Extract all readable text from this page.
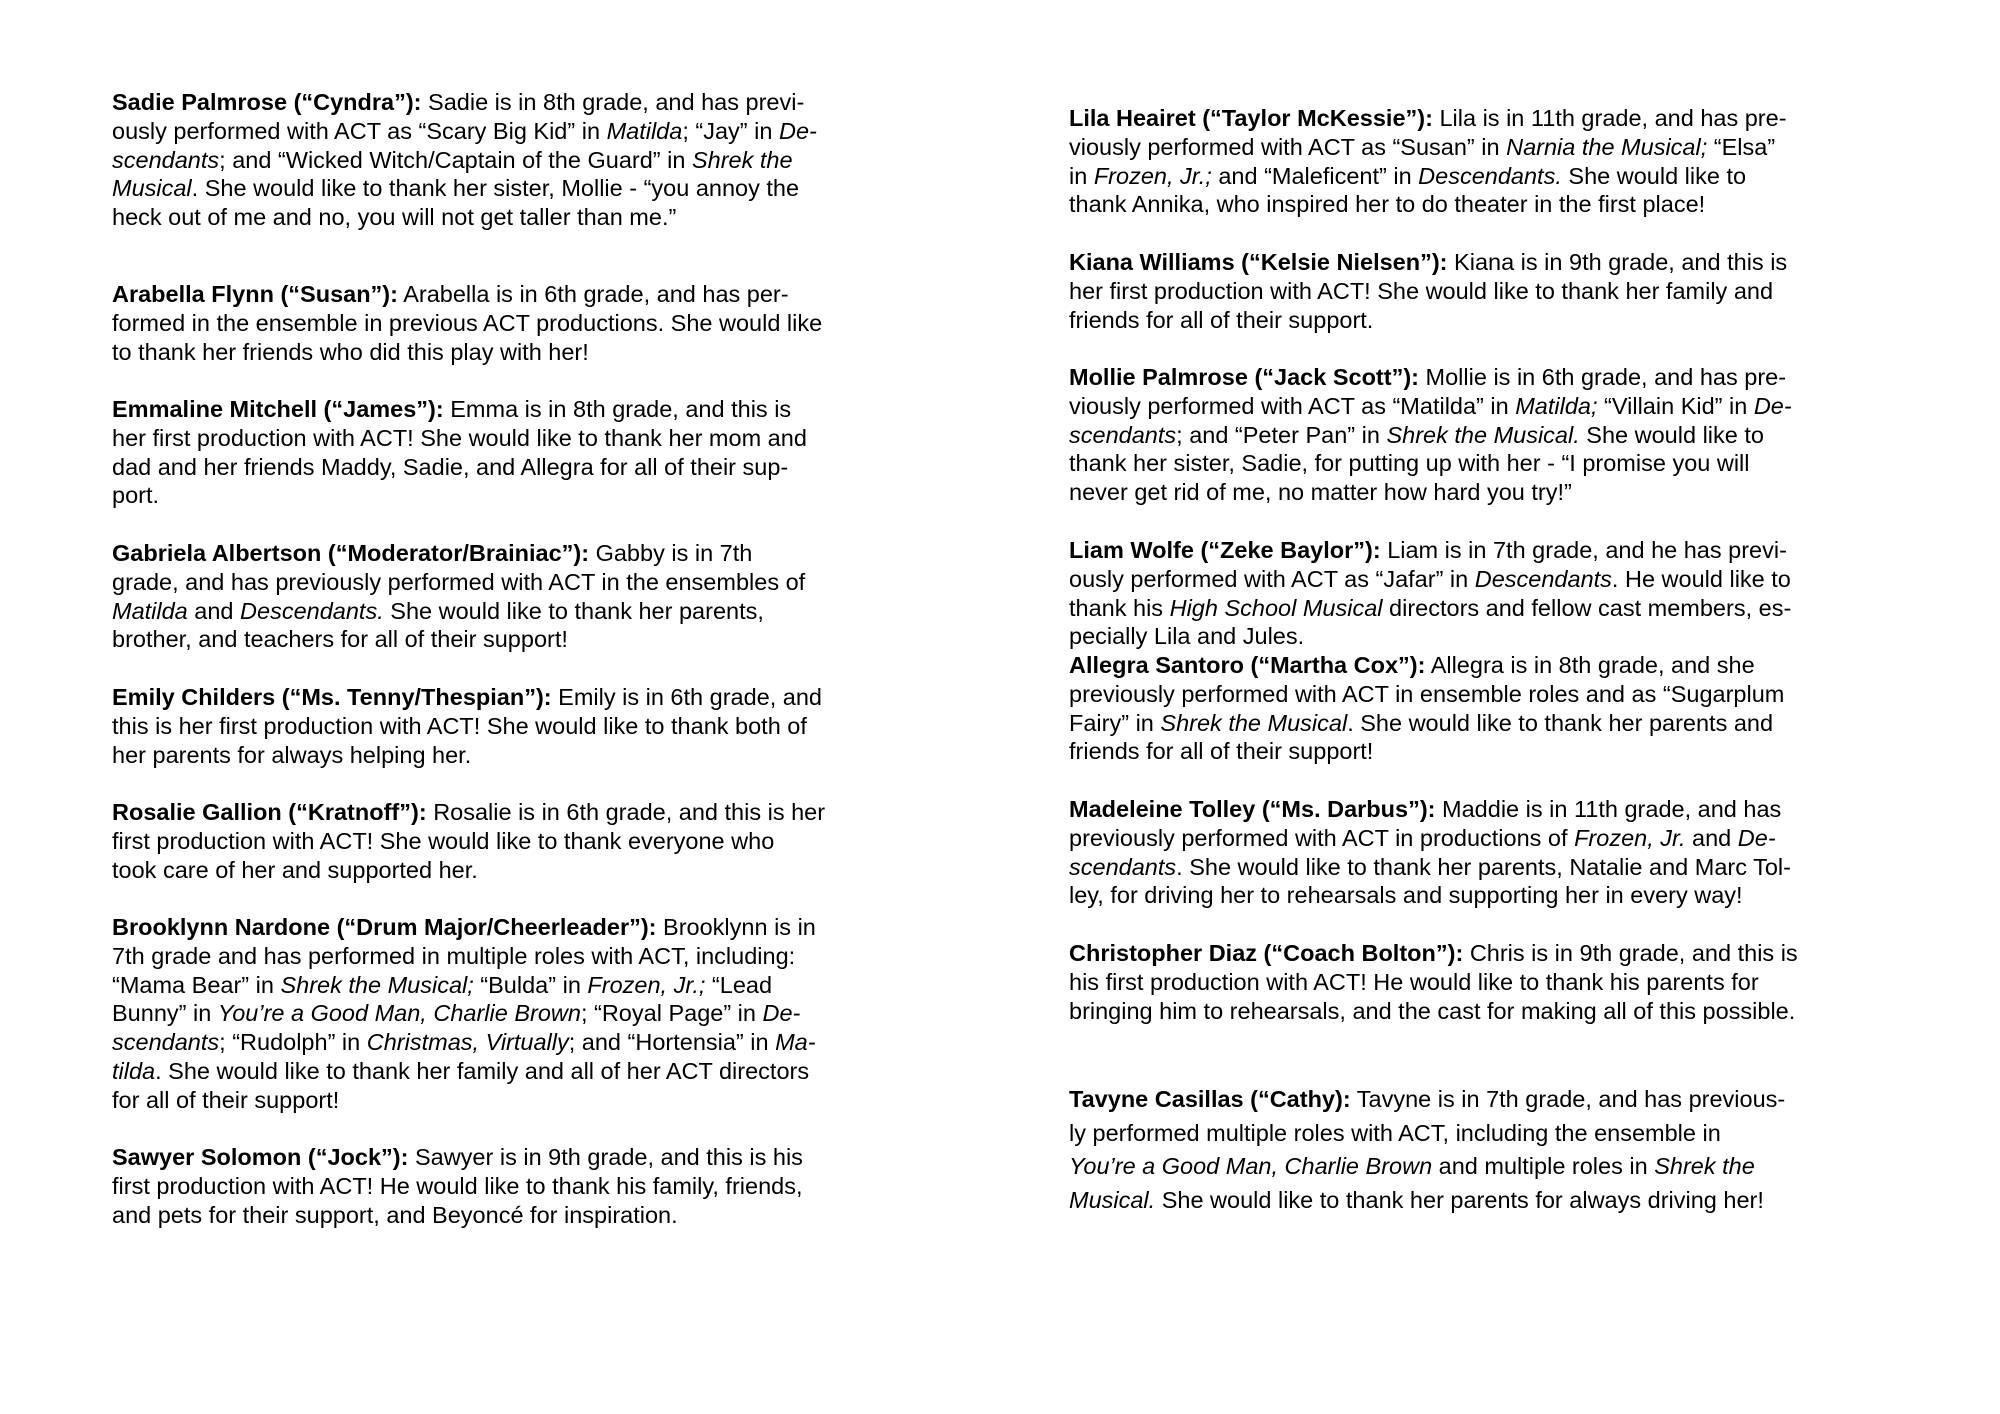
Sadie Palmrose (“Cyndra”): Sadie is in 8th grade, and has previ-
ously performed with ACT as “Scary Big Kid” in Matilda; “Jay” in De-
scendants; and “Wicked Witch/Captain of the Guard” in Shrek the
Musical. She would like to thank her sister, Mollie - “you annoy the
heck out of me and no, you will not get taller than me.”

Arabella Flynn (“Susan”): Arabella is in 6th grade, and has per-
formed in the ensemble in previous ACT productions. She would like
to thank her friends who did this play with her!

Emmaline Mitchell (“James”): Emma is in 8th grade, and this is
her first production with ACT! She would like to thank her mom and
dad and her friends Maddy, Sadie, and Allegra for all of their sup-
port.

Gabriela Albertson (“Moderator/Brainiac”): Gabby is in 7th
grade, and has previously performed with ACT in the ensembles of
Matilda and Descendants. She would like to thank her parents,
brother, and teachers for all of their support!

Emily Childers (“Ms. Tenny/Thespian”): Emily is in 6th grade, and
this is her first production with ACT! She would like to thank both of
her parents for always helping her.

Rosalie Gallion (“Kratnoff”): Rosalie is in 6th grade, and this is her
first production with ACT! She would like to thank everyone who
took care of her and supported her.

Brooklynn Nardone (“Drum Major/Cheerleader”): Brooklynn is in
7th grade and has performed in multiple roles with ACT, including:
“Mama Bear” in Shrek the Musical; “Bulda” in Frozen, Jr.; “Lead
Bunny” in You’re a Good Man, Charlie Brown; “Royal Page” in De-
scendants; “Rudolph” in Christmas, Virtually; and “Hortensia” in Ma-
tilda. She would like to thank her family and all of her ACT directors
for all of their support!

Sawyer Solomon (“Jock”): Sawyer is in 9th grade, and this is his
first production with ACT! He would like to thank his family, friends,
and pets for their support, and Beyoncé for inspiration.

Lila Heairet (“Taylor McKessie”): Lila is in 11th grade, and has pre-
viously performed with ACT as “Susan” in Narnia the Musical; “Elsa”
in Frozen, Jr.; and “Maleficent” in Descendants. She would like to
thank Annika, who inspired her to do theater in the first place!

Kiana Williams (“Kelsie Nielsen”): Kiana is in 9th grade, and this is
her first production with ACT! She would like to thank her family and
friends for all of their support.

Mollie Palmrose (“Jack Scott”): Mollie is in 6th grade, and has pre-
viously performed with ACT as “Matilda” in Matilda; “Villain Kid” in De-
scendants; and “Peter Pan” in Shrek the Musical. She would like to
thank her sister, Sadie, for putting up with her - “I promise you will
never get rid of me, no matter how hard you try!”

Liam Wolfe (“Zeke Baylor”): Liam is in 7th grade, and he has previ-
ously performed with ACT as “Jafar” in Descendants. He would like to
thank his High School Musical directors and fellow cast members, es-
pecially Lila and Jules.

Allegra Santoro (“Martha Cox”): Allegra is in 8th grade, and she
previously performed with ACT in ensemble roles and as “Sugarplum
Fairy” in Shrek the Musical. She would like to thank her parents and
friends for all of their support!

Madeleine Tolley (“Ms. Darbus”): Maddie is in 11th grade, and has
previously performed with ACT in productions of Frozen, Jr. and De-
scendants. She would like to thank her parents, Natalie and Marc Tol-
ley, for driving her to rehearsals and supporting her in every way!

Christopher Diaz (“Coach Bolton”): Chris is in 9th grade, and this is
his first production with ACT! He would like to thank his parents for
bringing him to rehearsals, and the cast for making all of this possible.

Tavyne Casillas (“Cathy): Tavyne is in 7th grade, and has previous-
ly performed multiple roles with ACT, including the ensemble in
You’re a Good Man, Charlie Brown and multiple roles in Shrek the
Musical. She would like to thank her parents for always driving her!
